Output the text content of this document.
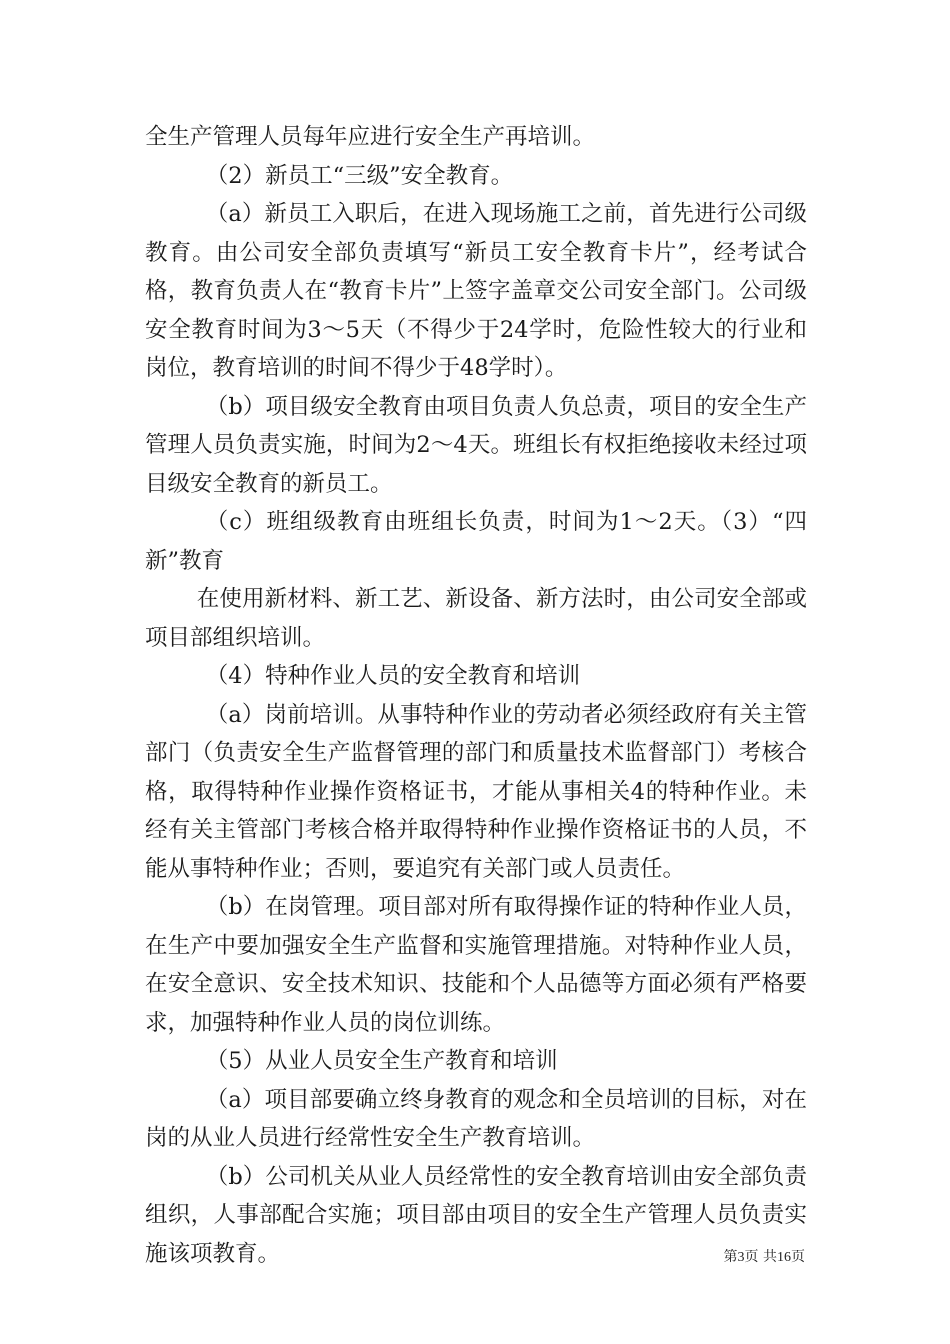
全生产管理人员每年应进行安全生产再培训。

（2）新员工“三级”安全教育。

（a）新员工入职后，在进入现场施工之前，首先进行公司级教育。由公司安全部负责填写“新员工安全教育卡片”，经考试合格，教育负责人在“教育卡片”上签字盖章交公司安全部门。公司级安全教育时间为3～5天（不得少于24学时，危险性较大的行业和岗位，教育培训的时间不得少于48学时）。

（b）项目级安全教育由项目负责人负总责，项目的安全生产管理人员负责实施，时间为2～4天。班组长有权拒绝接收未经过项目级安全教育的新员工。

（c）班组级教育由班组长负责，时间为1～2天。（3）“四新”教育

在使用新材料、新工艺、新设备、新方法时，由公司安全部或项目部组织培训。

（4）特种作业人员的安全教育和培训

（a）岗前培训。从事特种作业的劳动者必须经政府有关主管部门（负责安全生产监督管理的部门和质量技术监督部门）考核合格，取得特种作业操作资格证书，才能从事相关4的特种作业。未经有关主管部门考核合格并取得特种作业操作资格证书的人员，不能从事特种作业；否则，要追究有关部门或人员责任。

（b）在岗管理。项目部对所有取得操作证的特种作业人员，在生产中要加强安全生产监督和实施管理措施。对特种作业人员，在安全意识、安全技术知识、技能和个人品德等方面必须有严格要求，加强特种作业人员的岗位训练。

（5）从业人员安全生产教育和培训

（a）项目部要确立终身教育的观念和全员培训的目标，对在岗的从业人员进行经常性安全生产教育培训。

（b）公司机关从业人员经常性的安全教育培训由安全部负责组织，人事部配合实施；项目部由项目的安全生产管理人员负责实施该项教育。	第3页 共16页
